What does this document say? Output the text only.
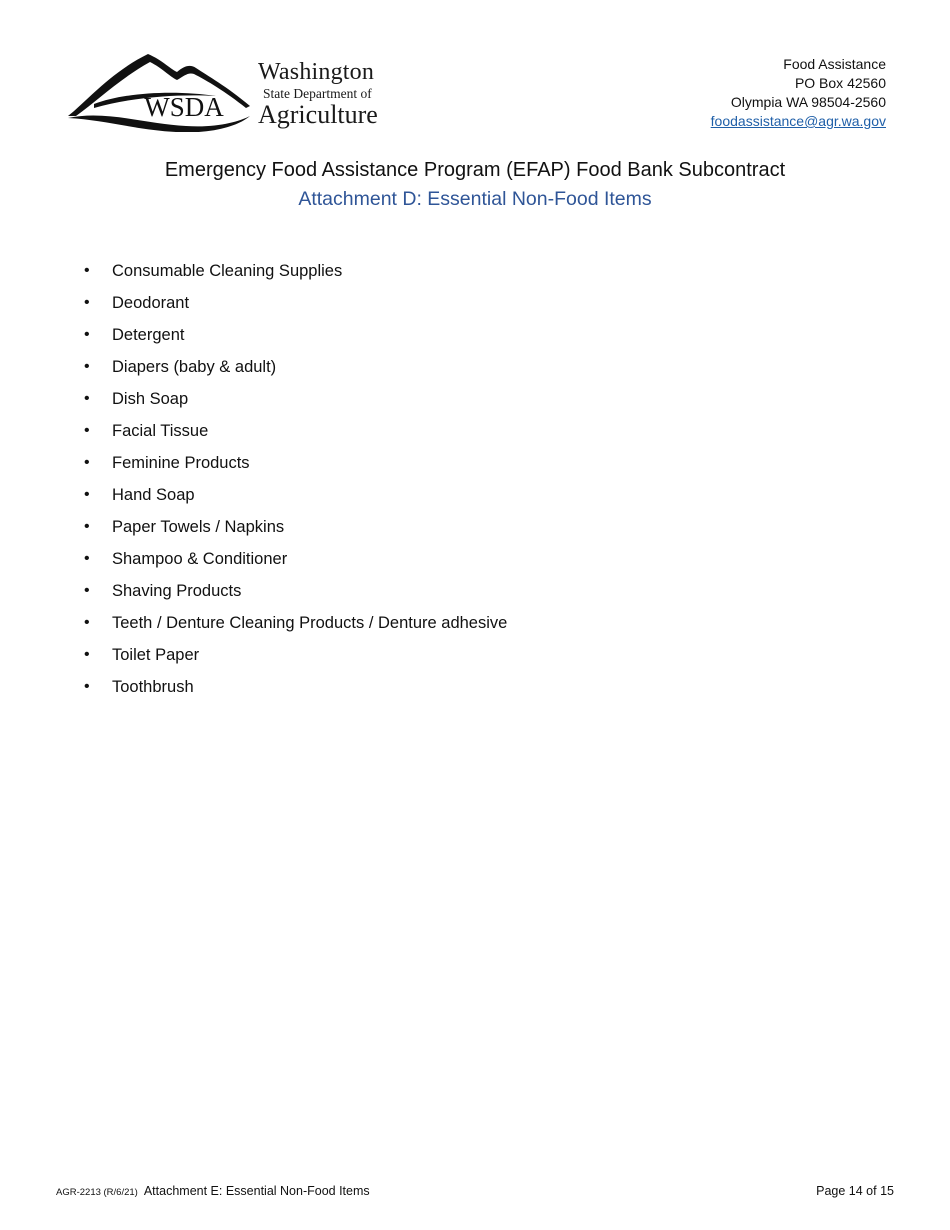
WSDA
Washington
State Department of
Agriculture
Food Assistance
PO Box 42560
Olympia WA 98504-2560
foodassistance@agr.wa.gov
Emergency Food Assistance Program (EFAP) Food Bank Subcontract
Attachment D: Essential Non-Food Items
•	Consumable Cleaning Supplies
•	Deodorant
•	Detergent
•	Diapers (baby & adult)
•	Dish Soap
•	Facial Tissue
•	Feminine Products
•	Hand Soap
•	Paper Towels / Napkins
•	Shampoo & Conditioner
•	Shaving Products
•	Teeth / Denture Cleaning Products / Denture adhesive
•	Toilet Paper
•	Toothbrush
AGR-2213 (R/6/21) Attachment E: Essential Non-Food Items	Page 14 of 15
